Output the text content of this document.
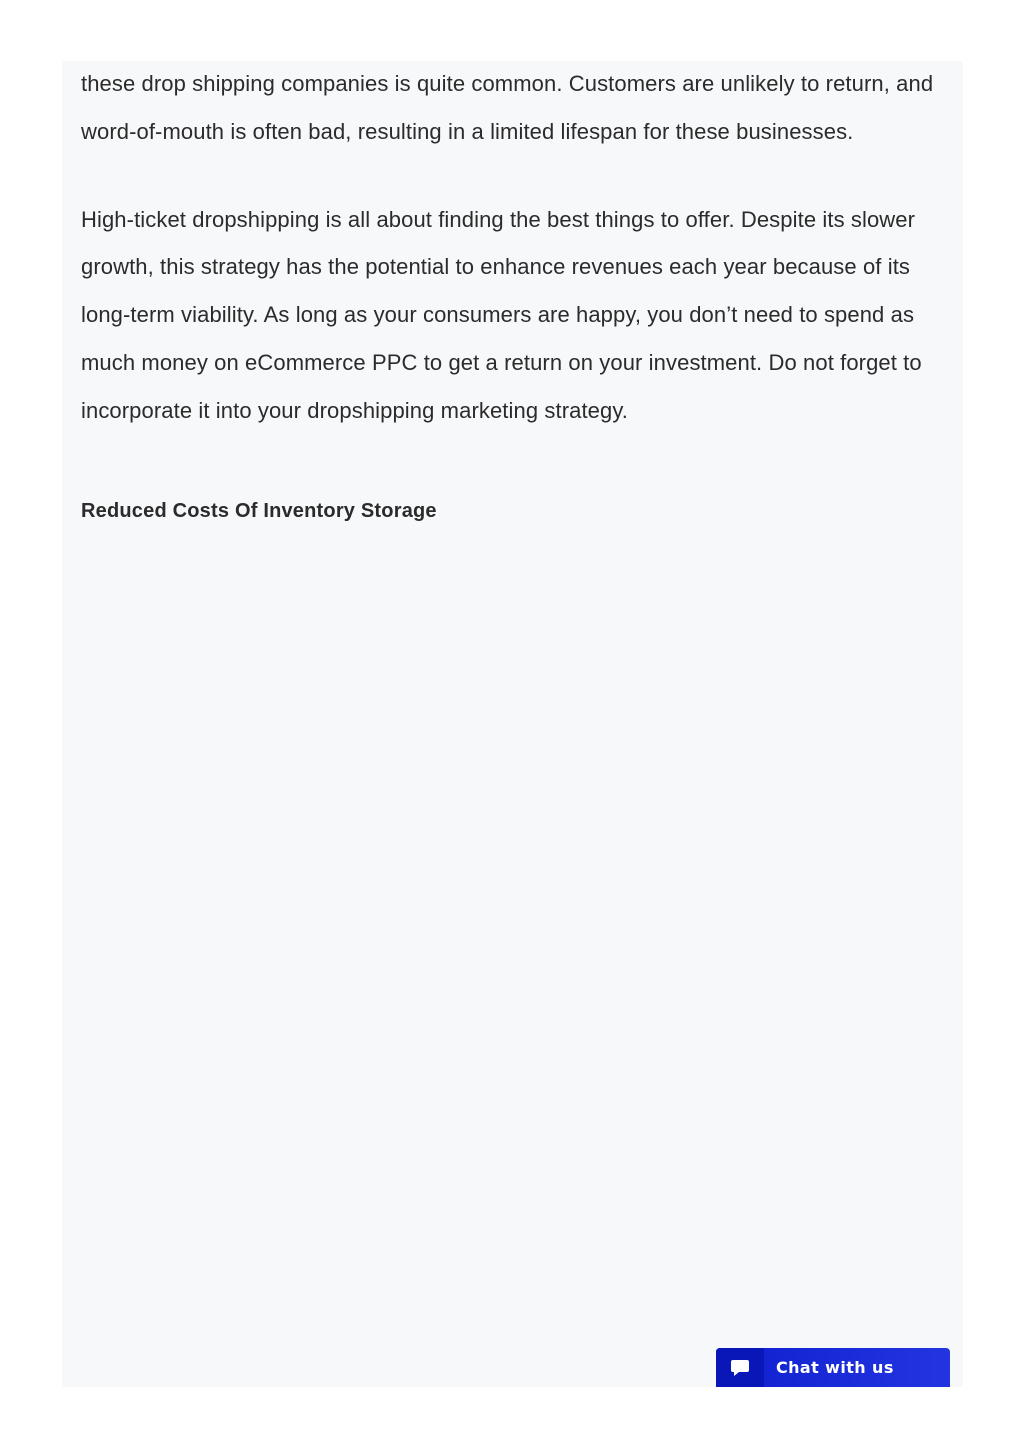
these drop shipping companies is quite common. Customers are unlikely to return, and word-of-mouth is often bad, resulting in a limited lifespan for these businesses.

High-ticket dropshipping is all about finding the best things to offer. Despite its slower growth, this strategy has the potential to enhance revenues each year because of its long-term viability. As long as your consumers are happy, you don’t need to spend as much money on eCommerce PPC to get a return on your investment. Do not forget to incorporate it into your dropshipping marketing strategy.

Reduced Costs Of Inventory Storage
Chat with us
